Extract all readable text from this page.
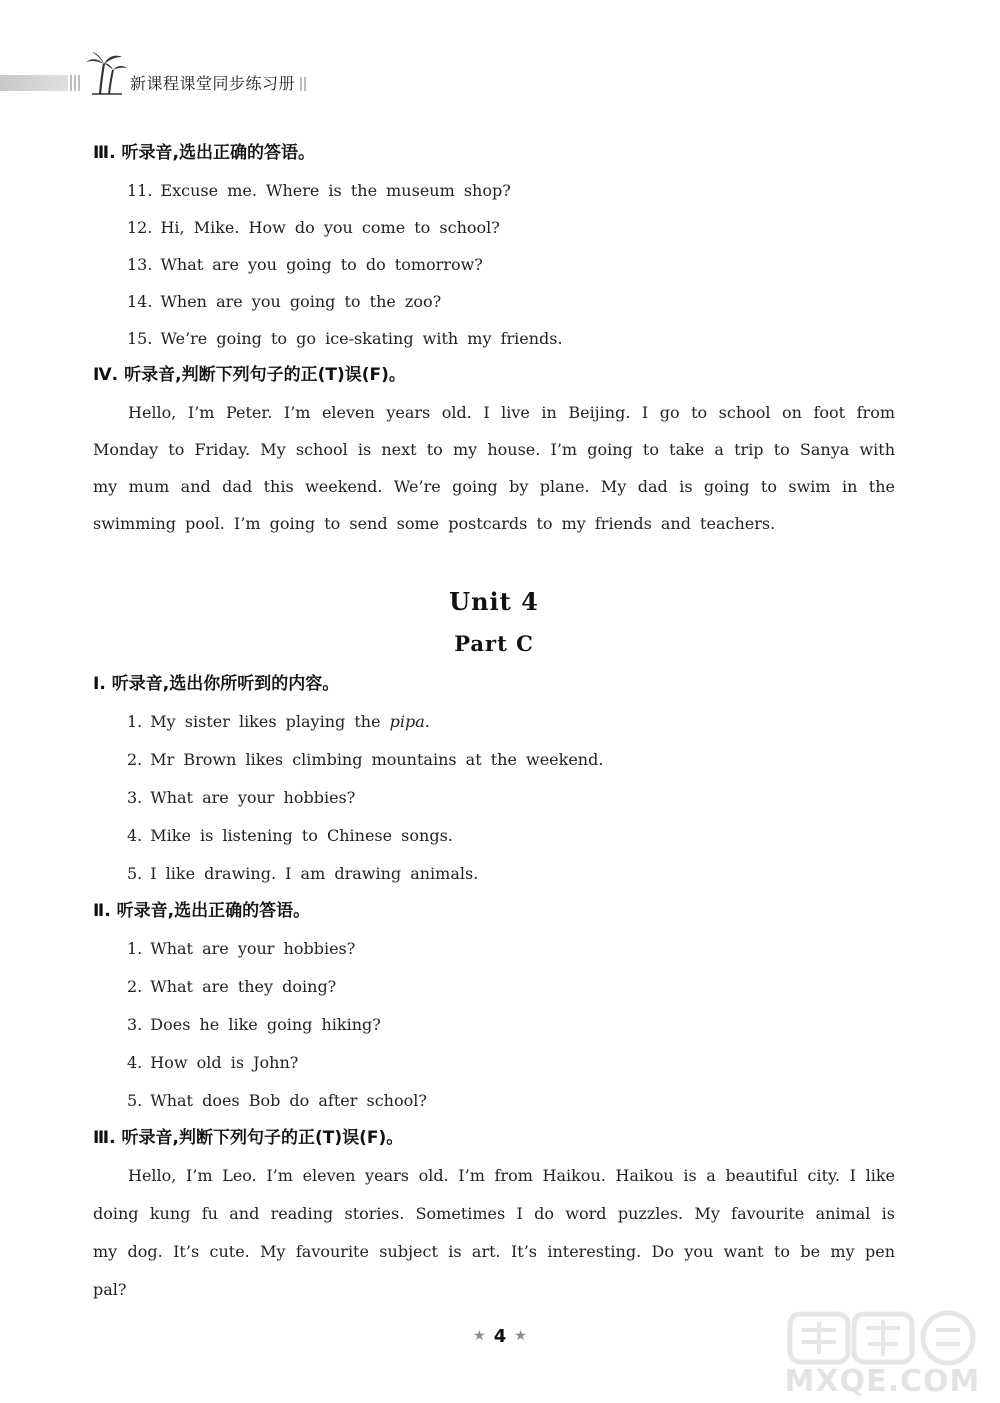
新课程课堂同步练习册
Ⅲ. 听录音,选出正确的答语。
11. Excuse me. Where is the museum shop?
12. Hi, Mike. How do you come to school?
13. What are you going to do tomorrow?
14. When are you going to the zoo?
15. We’re going to go ice-skating with my friends.
Ⅳ. 听录音,判断下列句子的正(T)误(F)。

Hello, I’m Peter. I’m eleven years old. I live in Beijing. I go to school on foot from Monday to Friday. My school is next to my house. I’m going to take a trip to Sanya with my mum and dad this weekend. We’re going by plane. My dad is going to swim in the swimming pool. I’m going to send some postcards to my friends and teachers.

Unit 4
Part C
Ⅰ. 听录音,选出你所听到的内容。
1. My sister likes playing the pipa.
2. Mr Brown likes climbing mountains at the weekend.
3. What are your hobbies?
4. Mike is listening to Chinese songs.
5. I like drawing. I am drawing animals.
Ⅱ. 听录音,选出正确的答语。
1. What are your hobbies?
2. What are they doing?
3. Does he like going hiking?
4. How old is John?
5. What does Bob do after school?
Ⅲ. 听录音,判断下列句子的正(T)误(F)。

Hello, I’m Leo. I’m eleven years old. I’m from Haikou. Haikou is a beautiful city. I like doing kung fu and reading stories. Sometimes I do word puzzles. My favourite animal is my dog. It’s cute. My favourite subject is art. It’s interesting. Do you want to be my pen pal?

★ 4 ★
MXQE.COM
